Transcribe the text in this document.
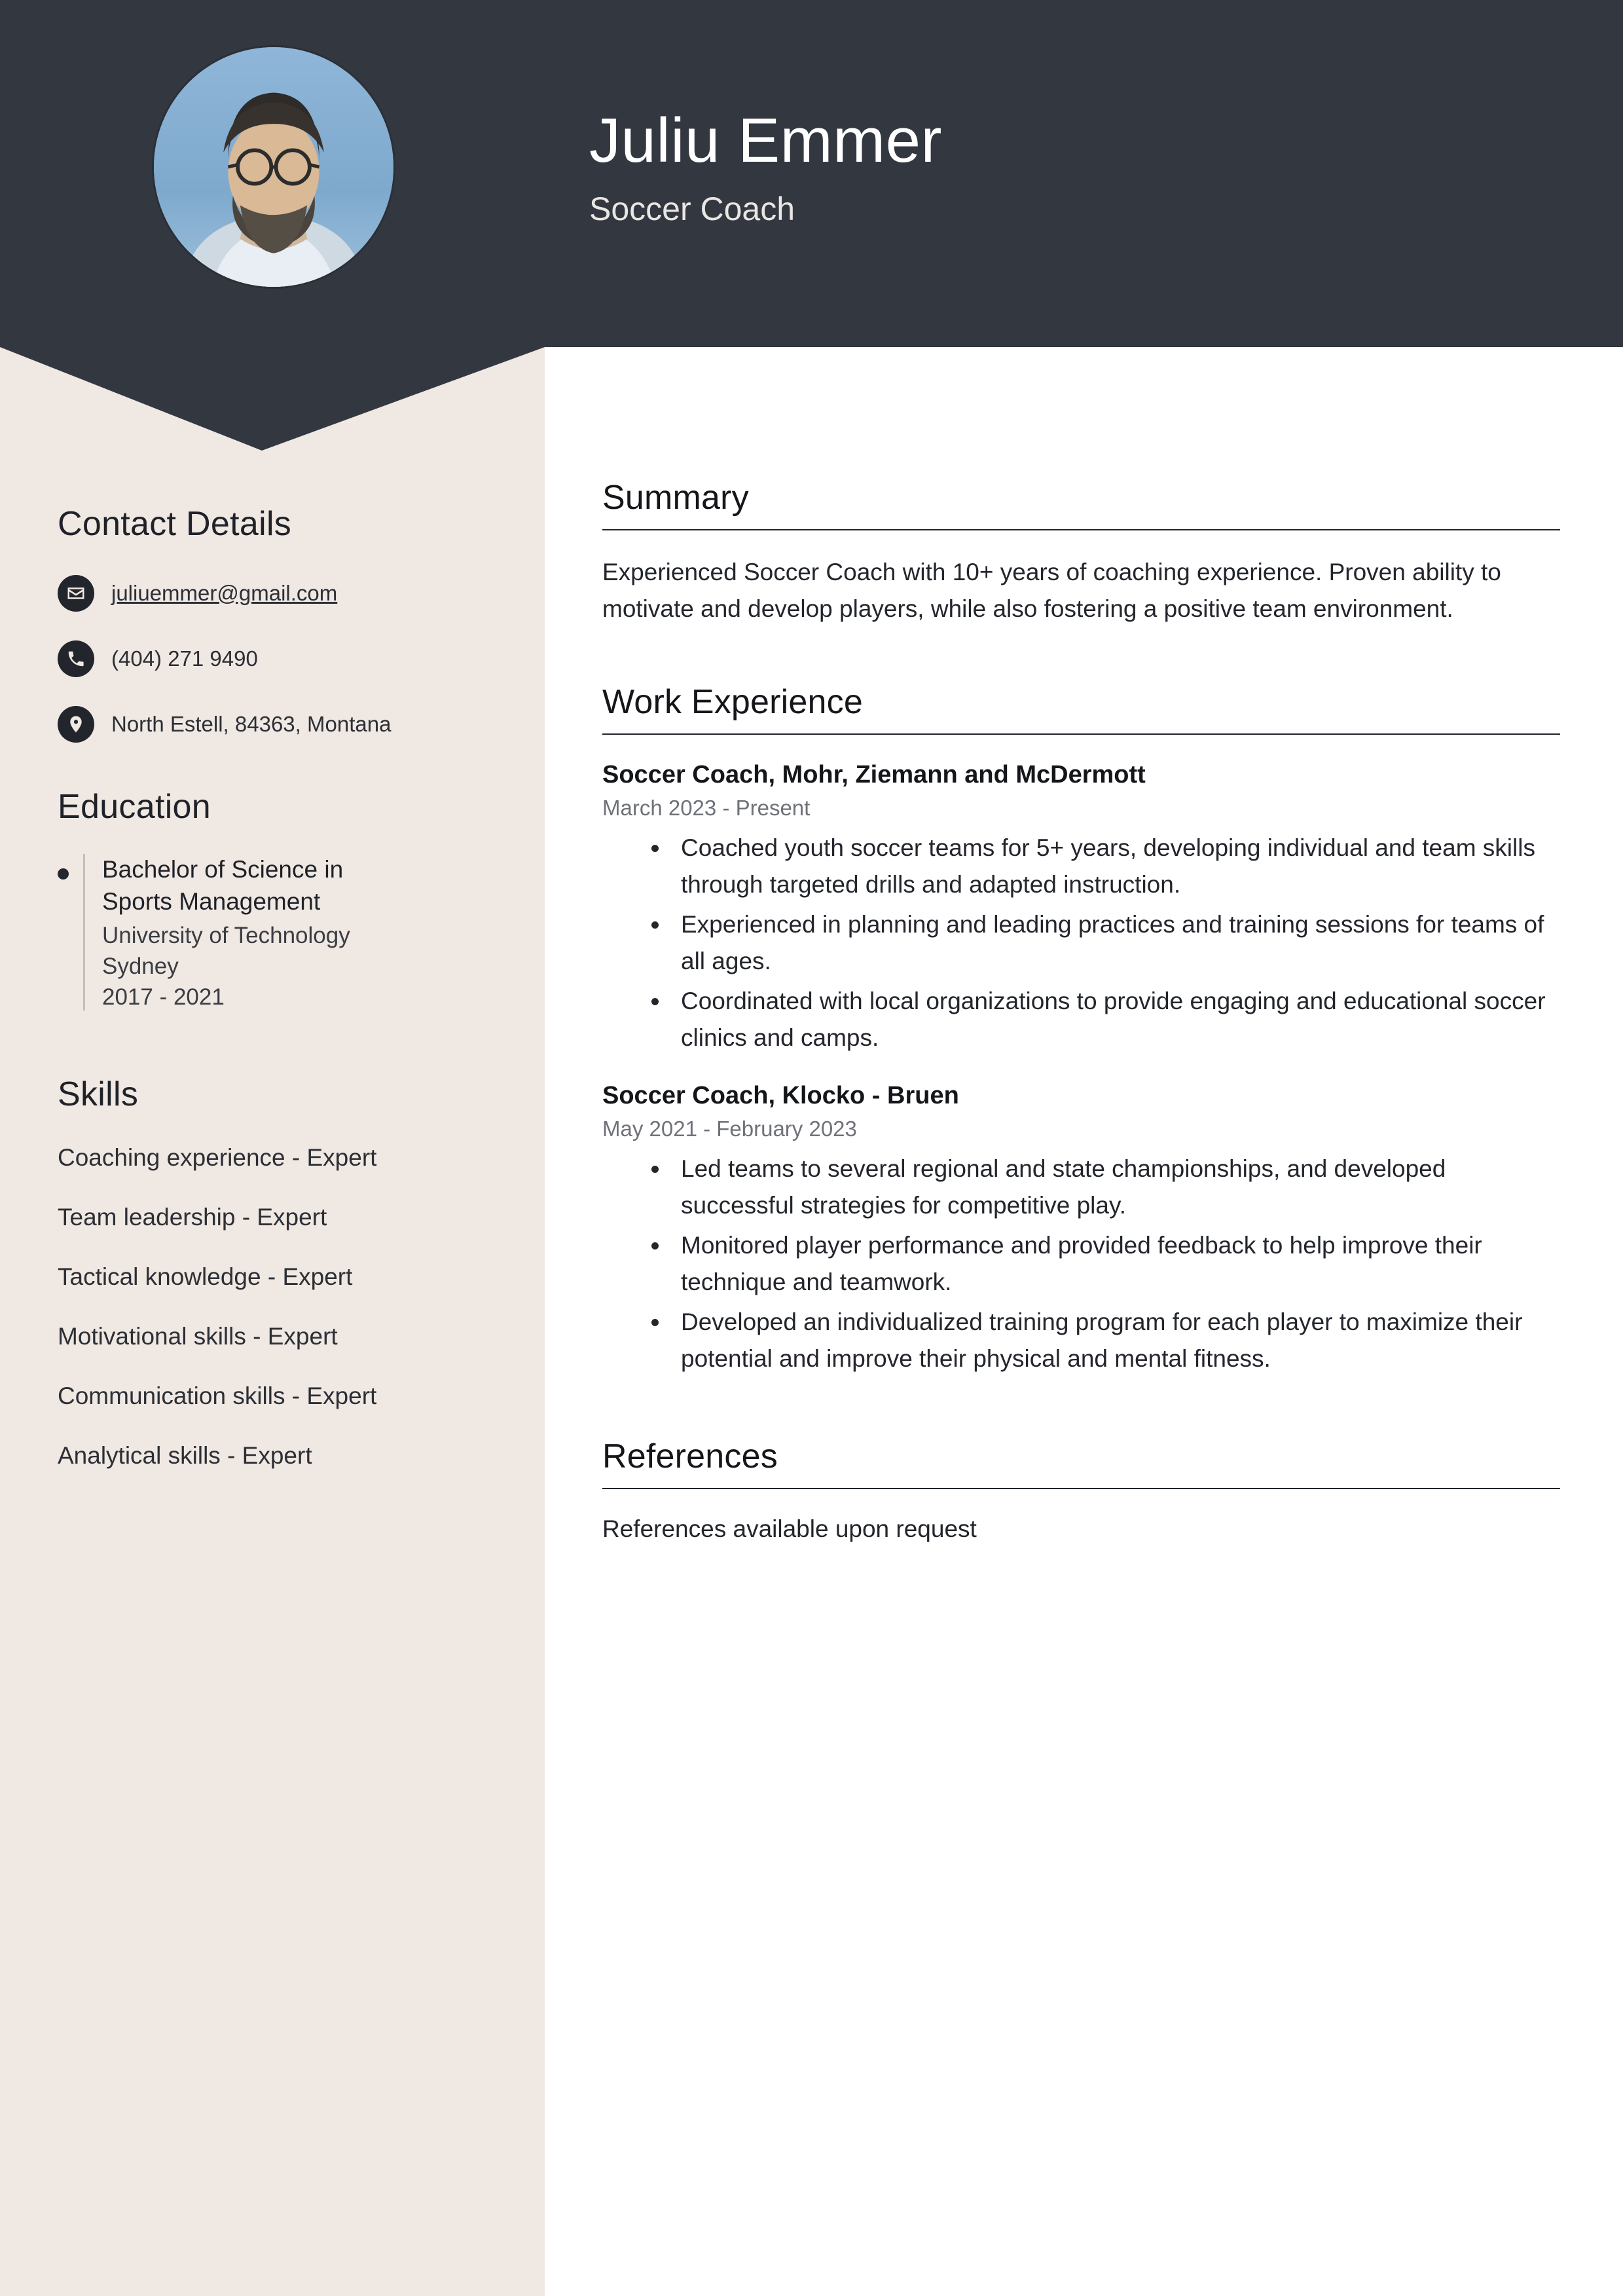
Juliu Emmer
Soccer Coach
Contact Details
juliuemmer@gmail.com
(404) 271 9490
North Estell, 84363, Montana
Education
Bachelor of Science in Sports Management
University of Technology Sydney
2017 - 2021
Skills
Coaching experience - Expert
Team leadership - Expert
Tactical knowledge - Expert
Motivational skills - Expert
Communication skills - Expert
Analytical skills - Expert
Summary
Experienced Soccer Coach with 10+ years of coaching experience. Proven ability to motivate and develop players, while also fostering a positive team environment.
Work Experience
Soccer Coach, Mohr, Ziemann and McDermott
March 2023 - Present
• Coached youth soccer teams for 5+ years, developing individual and team skills through targeted drills and adapted instruction.
• Experienced in planning and leading practices and training sessions for teams of all ages.
• Coordinated with local organizations to provide engaging and educational soccer clinics and camps.
Soccer Coach, Klocko - Bruen
May 2021 - February 2023
• Led teams to several regional and state championships, and developed successful strategies for competitive play.
• Monitored player performance and provided feedback to help improve their technique and teamwork.
• Developed an individualized training program for each player to maximize their potential and improve their physical and mental fitness.
References
References available upon request
